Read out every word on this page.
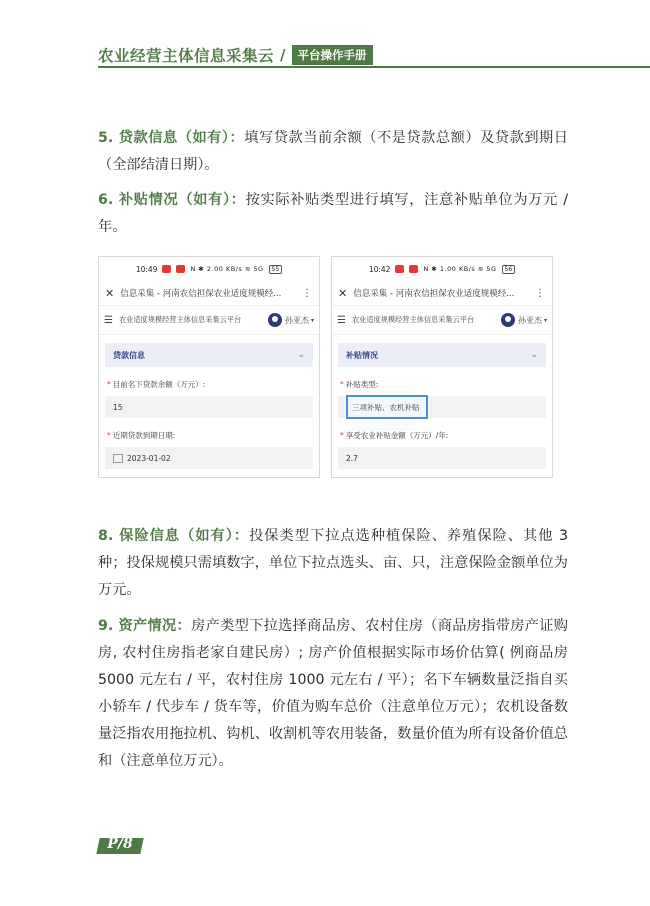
农业经营主体信息采集云 /	平台操作手册
5. 贷款信息（如有）：填写贷款当前余额（不是贷款总额）及贷款到期日（全部结清日期）。
6. 补贴情况（如有）：按实际补贴类型进行填写，注意补贴单位为万元 / 年。
10:49	N ✱ 2.00 KB/s ≋ 5G	55
✕ 信息采集 - 河南农信担保农业适度规模经...	⋮
☰ 农业适度规模经营主体信息采集云平台	孙亚杰 ▾
贷款信息	⌄
* 目前名下贷款余额（万元）:
15
* 近期贷款到期日期:
2023-01-02
10:42	N ✱ 1.00 KB/s ≋ 5G	56
✕ 信息采集 - 河南农信担保农业适度规模经...	⋮
☰ 农业适度规模经营主体信息采集云平台	孙亚杰 ▾
补贴情况	⌄
* 补贴类型:
三项补贴、农机补贴
* 享受农业补贴金额（万元）/年:
2.7
8. 保险信息（如有）：投保类型下拉点选种植保险、养殖保险、其他 3 种；投保规模只需填数字，单位下拉点选头、亩、只，注意保险金额单位为万元。
9. 资产情况：房产类型下拉选择商品房、农村住房（商品房指带房产证购房, 农村住房指老家自建民房）; 房产价值根据实际市场价估算( 例商品房 5000 元左右 / 平，农村住房 1000 元左右 / 平）；名下车辆数量泛指自买小轿车 / 代步车 / 货车等，价值为购车总价（注意单位万元）；农机设备数量泛指农用拖拉机、钩机、收割机等农用装备，数量价值为所有设备价值总和（注意单位万元）。
P/8
